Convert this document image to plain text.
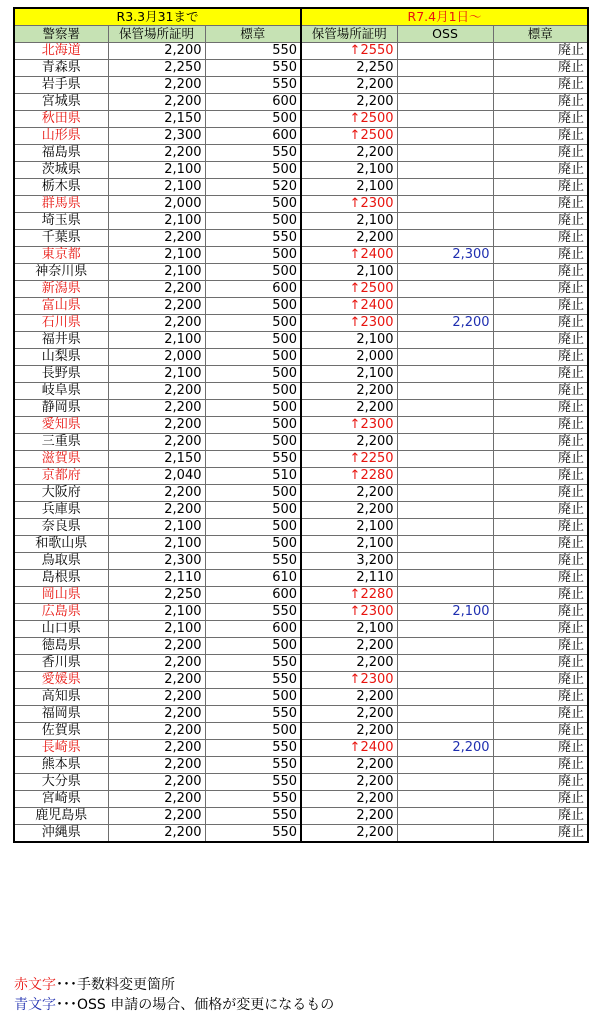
R3.3月31まで			R7.4月1日～		
警察署	保管場所証明	標章	保管場所証明	OSS	標章
北海道	2,200	550	↑2550		廃止
青森県	2,250	550	2,250		廃止
岩手県	2,200	550	2,200		廃止
宮城県	2,200	600	2,200		廃止
秋田県	2,150	500	↑2500		廃止
山形県	2,300	600	↑2500		廃止
福島県	2,200	550	2,200		廃止
茨城県	2,100	500	2,100		廃止
栃木県	2,100	520	2,100		廃止
群馬県	2,000	500	↑2300		廃止
埼玉県	2,100	500	2,100		廃止
千葉県	2,200	550	2,200		廃止
東京都	2,100	500	↑2400	2,300	廃止
神奈川県	2,100	500	2,100		廃止
新潟県	2,200	600	↑2500		廃止
富山県	2,200	500	↑2400		廃止
石川県	2,200	500	↑2300	2,200	廃止
福井県	2,100	500	2,100		廃止
山梨県	2,000	500	2,000		廃止
長野県	2,100	500	2,100		廃止
岐阜県	2,200	500	2,200		廃止
静岡県	2,200	500	2,200		廃止
愛知県	2,200	500	↑2300		廃止
三重県	2,200	500	2,200		廃止
滋賀県	2,150	550	↑2250		廃止
京都府	2,040	510	↑2280		廃止
大阪府	2,200	500	2,200		廃止
兵庫県	2,200	500	2,200		廃止
奈良県	2,100	500	2,100		廃止
和歌山県	2,100	500	2,100		廃止
鳥取県	2,300	550	3,200		廃止
島根県	2,110	610	2,110		廃止
岡山県	2,250	600	↑2280		廃止
広島県	2,100	550	↑2300	2,100	廃止
山口県	2,100	600	2,100		廃止
徳島県	2,200	500	2,200		廃止
香川県	2,200	550	2,200		廃止
愛媛県	2,200	550	↑2300		廃止
高知県	2,200	500	2,200		廃止
福岡県	2,200	550	2,200		廃止
佐賀県	2,200	500	2,200		廃止
長崎県	2,200	550	↑2400	2,200	廃止
熊本県	2,200	550	2,200		廃止
大分県	2,200	550	2,200		廃止
宮崎県	2,200	550	2,200		廃止
鹿児島県	2,200	550	2,200		廃止
沖縄県	2,200	550	2,200		廃止
赤文字･･･手数料変更箇所
青文字･･･OSS 申請の場合、価格が変更になるもの
